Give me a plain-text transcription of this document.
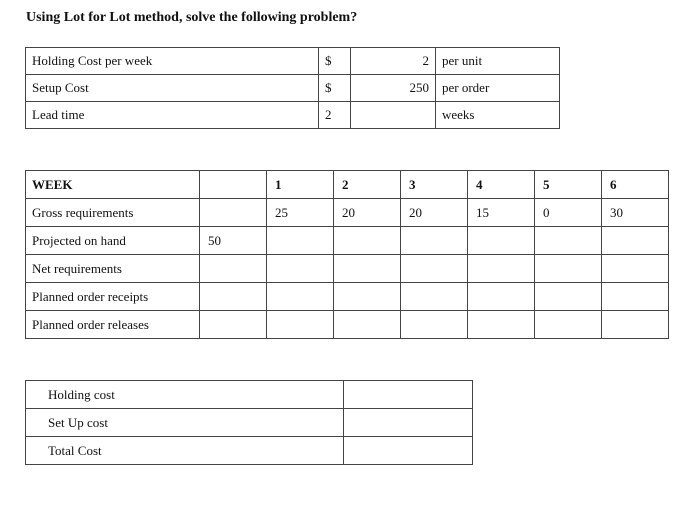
Using Lot for Lot method, solve the following problem?
Holding Cost per week	$	2	per unit
Setup Cost	$	250	per order
Lead time	2		weeks
WEEK		1	2	3	4	5	6
Gross requirements		25	20	20	15	0	30
Projected on hand	50						
Net requirements							
Planned order receipts							
Planned order releases							
Holding cost	
Set Up cost	
Total Cost	
